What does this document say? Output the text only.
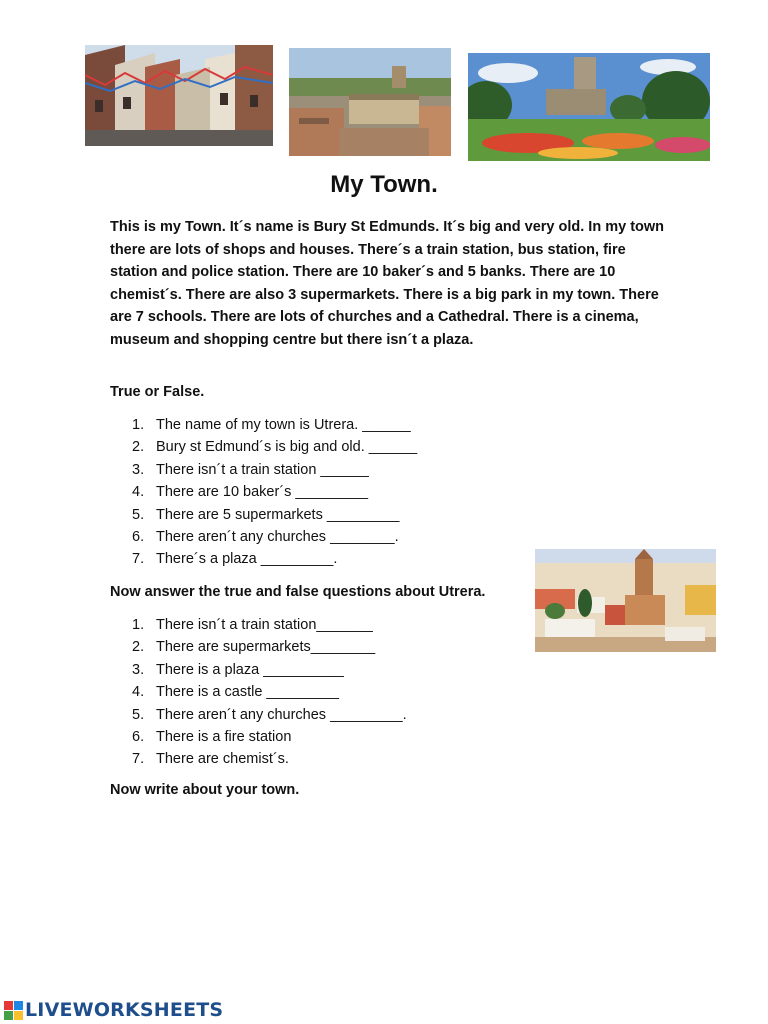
My Town.

This is my Town. It´s name is Bury St Edmunds. It´s big and very old. In my town there are lots of shops and houses. There´s a train station, bus station, fire station and police station. There are 10 baker´s and 5 banks. There are 10 chemist´s. There are also 3 supermarkets. There is a big park in my town. There are 7 schools. There are lots of churches and a Cathedral. There is a cinema, museum and shopping centre but there isn´t a plaza.

True or False.
1. The name of my town is Utrera. ______
2. Bury st Edmund´s is big and old. ______
3. There isn´t a train station ______
4. There are 10 baker´s _________
5. There are 5 supermarkets _________
6. There aren´t any churches ________.
7. There´s a plaza _________.
Now answer the true and false questions about Utrera.
1. There isn´t a train station_______
2. There are supermarkets________
3. There is a plaza __________
4. There is a castle _________
5. There aren´t any churches _________.
6. There is a fire station
7. There are chemist´s.
Now write about your town.
LIVEWORKSHEETS
